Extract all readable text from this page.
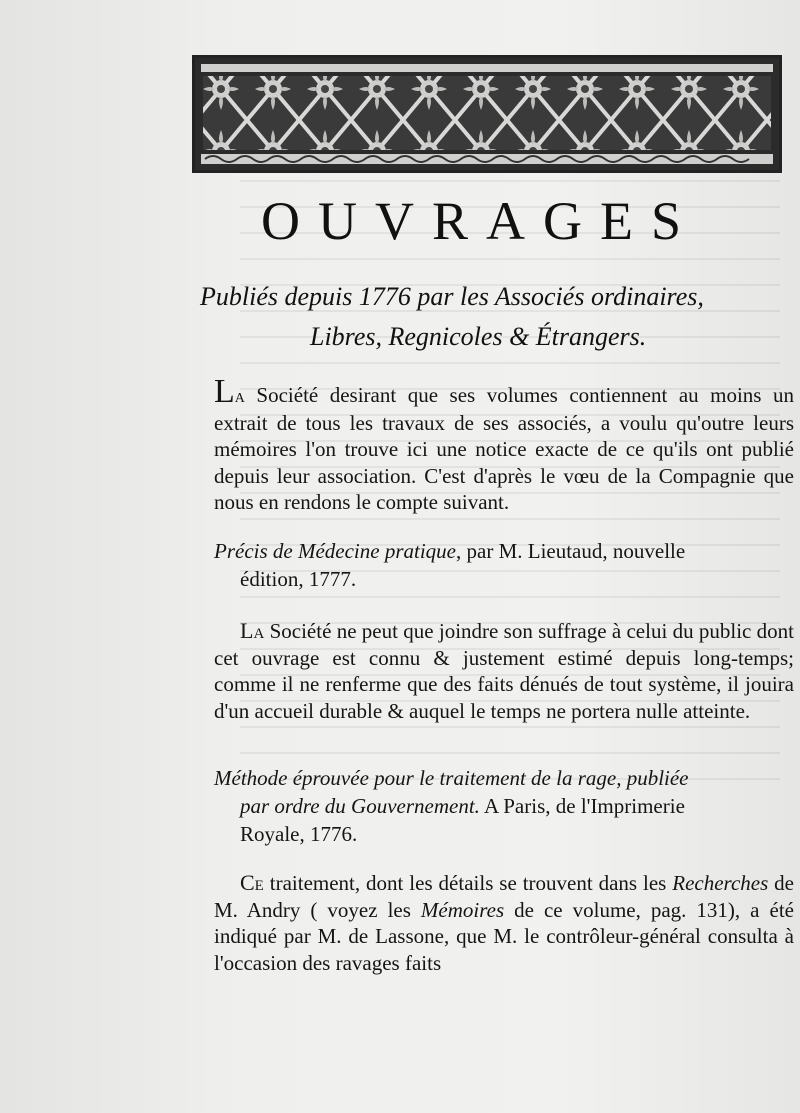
OUVRAGES
Publiés depuis 1776 par les Associés ordinaires,
Libres, Regnicoles & Étrangers.
La Société desirant que ses volumes contiennent au moins un extrait de tous les travaux de ses associés, a voulu qu'outre leurs mémoires l'on trouve ici une notice exacte de ce qu'ils ont publié depuis leur association. C'est d'après le vœu de la Compagnie que nous en rendons le compte suivant.
Précis de Médecine pratique, par M. Lieutaud, nouvelle
édition, 1777.
La Société ne peut que joindre son suffrage à celui du public dont cet ouvrage est connu & justement estimé depuis long-temps; comme il ne renferme que des faits dénués de tout système, il jouira d'un accueil durable & auquel le temps ne portera nulle atteinte.
Méthode éprouvée pour le traitement de la rage, publiée
par ordre du Gouvernement. A Paris, de l'Imprimerie
Royale, 1776.
Ce traitement, dont les détails se trouvent dans les Recherches de M. Andry ( voyez les Mémoires de ce volume, pag. 131), a été indiqué par M. de Lassone, que M. le contrôleur-général consulta à l'occasion des ravages faits
